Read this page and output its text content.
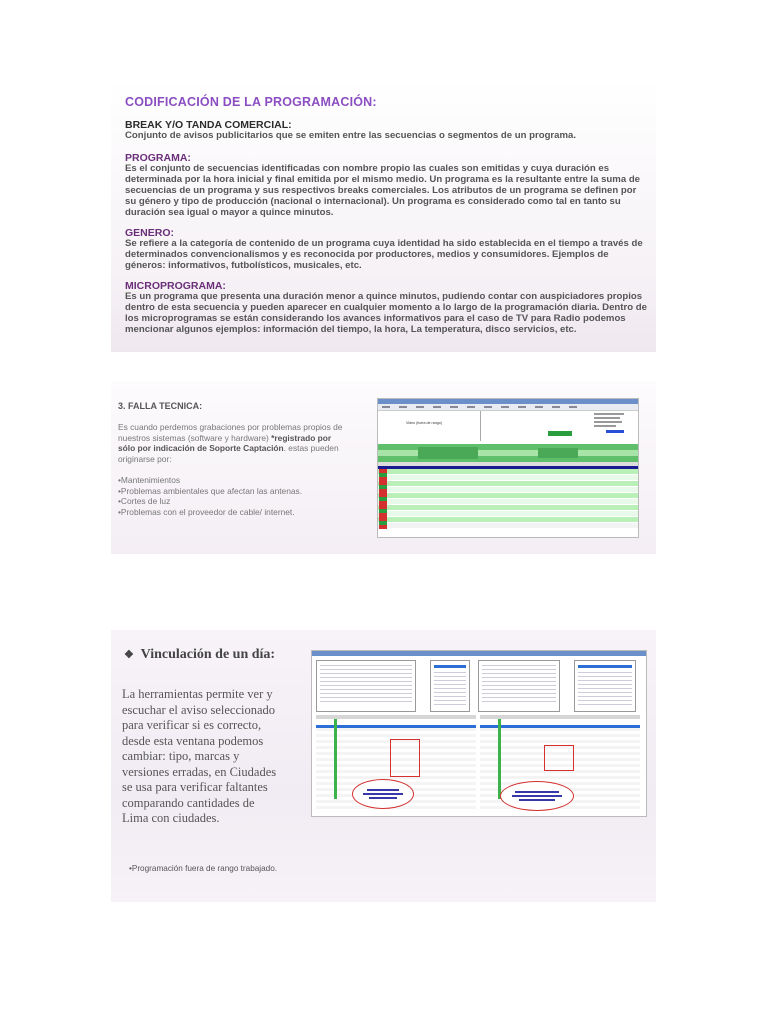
CODIFICACIÓN DE LA PROGRAMACIÓN:
BREAK Y/O TANDA COMERCIAL:
Conjunto de avisos publicitarios que se emiten entre las secuencias o segmentos de un programa.
PROGRAMA:
Es el conjunto de secuencias identificadas con nombre propio las cuales son emitidas y cuya duración es determinada por la hora inicial y final emitida por el mismo medio. Un programa es la resultante entre la suma de secuencias de un programa y sus respectivos breaks comerciales. Los atributos de un programa se definen por su género y tipo de producción (nacional o internacional). Un programa es considerado como tal en tanto su duración sea igual o mayor a quince minutos.
GENERO:
Se refiere a la categoría de contenido de un programa cuya identidad ha sido establecida en el tiempo a través de determinados convencionalismos y es reconocida por productores, medios y consumidores. Ejemplos de géneros: informativos, futbolísticos, musicales, etc.
MICROPROGRAMA:
Es un programa que presenta una duración menor a quince minutos, pudiendo contar con auspiciadores propios dentro de esta secuencia y pueden aparecer en cualquier momento a lo largo de la programación diaria. Dentro de los microprogramas se están considerando los avances informativos para el caso de TV para Radio podemos mencionar algunos ejemplos: información del tiempo, la hora, La temperatura, disco servicios, etc.
3. FALLA TECNICA:
Es cuando perdemos grabaciones por problemas propios de nuestros sistemas (software y hardware) *registrado por sólo por indicación de Soporte Captación. estas pueden originarse por:
•Mantenimientos
•Problemas ambientales que afectan las antenas.
•Cortes de luz
•Problemas con el proveedor de cable/ internet.
Video (fuera de rango)
❖ Vinculación de un día:
La herramientas permite ver y escuchar el aviso seleccionado para verificar si es correcto, desde esta ventana podemos cambiar: tipo, marcas y versiones erradas, en Ciudades se usa para verificar faltantes comparando cantidades de Lima con ciudades.
•Programación fuera de rango trabajado.
